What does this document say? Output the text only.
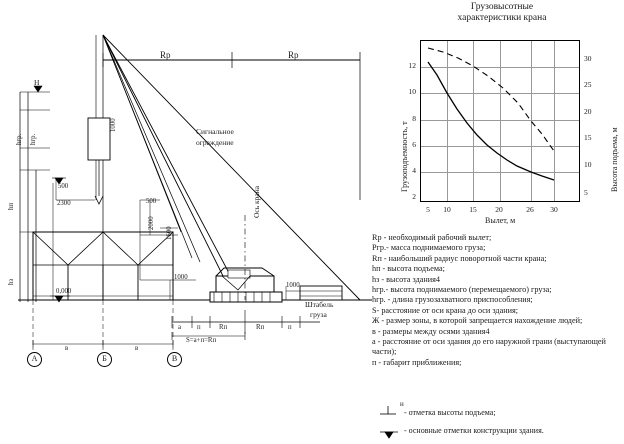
А	Б	В
Rp	Rp
Сигнальное
ограждение
Ось крана
Штабель
груза
1000
1000
1000
2000
500
500
2300
1600
0,000
Н
hгр. hгр.
hп
hз
а п	Rп	Rп	п
S=a+п=Rп
в	в
Грузовысотные
характеристики крана
12
10
8
6
4
2
30
25
20
15
10
5
5	10	15	20	26	30
Грузоподъемность, т	Высота подъема, м
Вылет, м
Rp - необходимый рабочий вылет;
Ргр.- масса поднимаемого груза;
Rп - наибольший радиус поворотной части крана;
hп - высота подъема;
hз - высота здания4
hгр.- высота поднимаемого (перемещаемого) груза;
hгр. - длина грузозахватного приспособления;
S- расстояние от оси крана до оси здания;
Ж - размер зоны, в которой запрещается нахождение людей;
в - размеры между осями здания4
а - расстояние от оси здания до его наружной грани (выступающей части);
п - габарит приближения;
н
- отметка высоты подъема;
- основные отметки конструкции здания.
